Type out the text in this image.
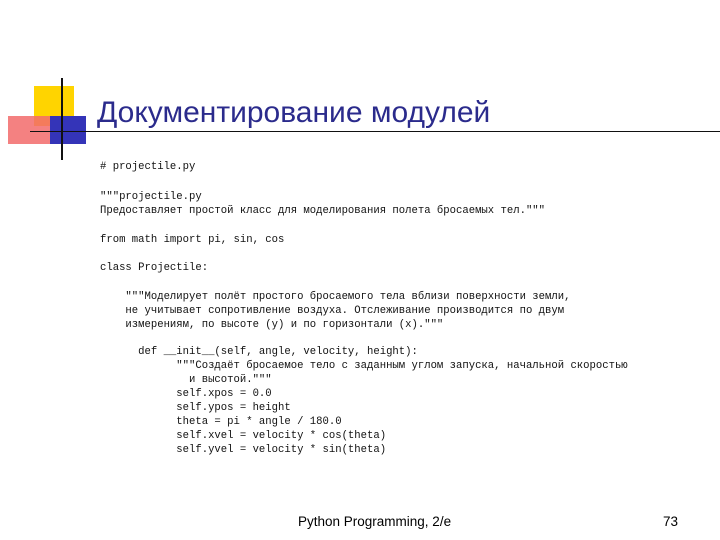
Документирование модулей
# projectile.py
"""projectile.py
Предоставляет простой класс для моделирования полета бросаемых тел."""
from math import pi, sin, cos
class Projectile:
"""Моделирует полёт простого бросаемого тела вблизи поверхности земли,
не учитывает сопротивление воздуха. Отслеживание производится по двум
измерениям, по высоте (y) и по горизонтали (x)."""
def __init__(self, angle, velocity, height):
"""Создаёт бросаемое тело с заданным углом запуска, начальной скоростью
и высотой."""
self.xpos = 0.0
self.ypos = height
theta = pi * angle / 180.0
self.xvel = velocity * cos(theta)
self.yvel = velocity * sin(theta)
Python Programming, 2/e	73
